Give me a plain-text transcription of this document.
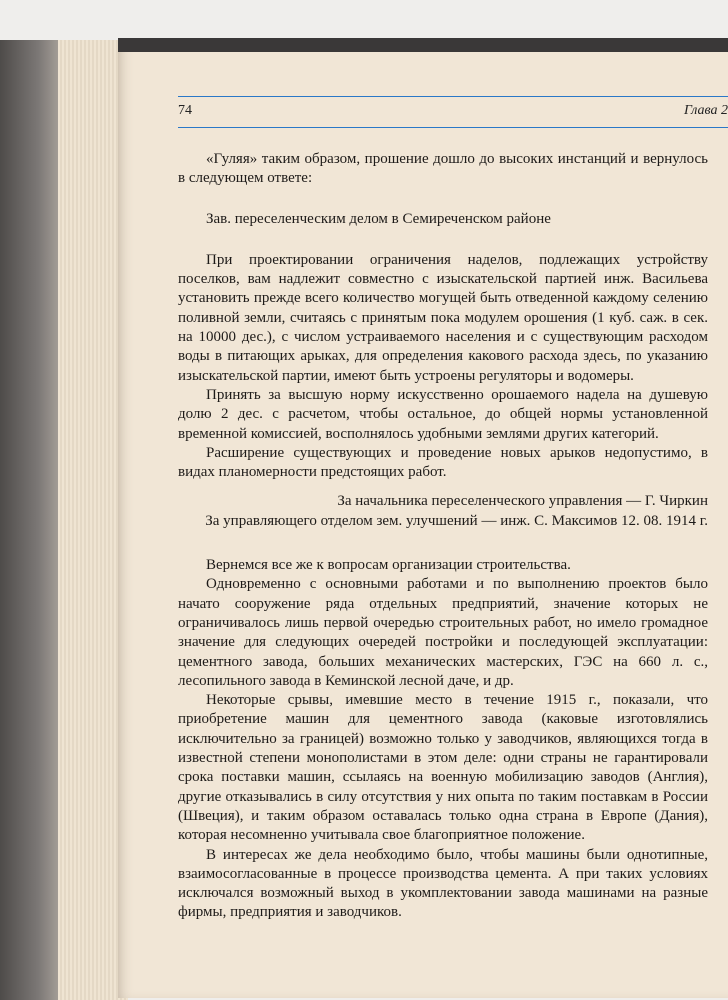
74	Глава 2

«Гуляя» таким образом, прошение дошло до высоких инстанций и вернулось в следующем ответе:

Зав. переселенческим делом в Семиреченском районе

При проектировании ограничения наделов, подлежащих устройству поселков, вам надлежит совместно с изыскательской партией инж. Васильева установить прежде всего количество могущей быть отведенной каждому селению поливной земли, считаясь с принятым пока модулем орошения (1 куб. саж. в сек. на 10000 дес.), с числом устраиваемого населения и с существующим расходом воды в питающих арыках, для определения какового расхода здесь, по указанию изыскательской партии, имеют быть устроены регуляторы и водомеры.

Принять за высшую норму искусственно орошаемого надела на душевую долю 2 дес. с расчетом, чтобы остальное, до общей нормы установленной временной комиссией, восполнялось удобными землями других категорий.

Расширение существующих и проведение новых арыков недопустимо, в видах планомерности предстоящих работ.

За начальника переселенческого управления — Г. Чиркин

За управляющего отделом зем. улучшений — инж. С. Максимов 12. 08. 1914 г.

Вернемся все же к вопросам организации строительства.

Одновременно с основными работами и по выполнению проектов было начато сооружение ряда отдельных предприятий, значение которых не ограничивалось лишь первой очередью строительных работ, но имело громадное значение для следующих очередей постройки и последующей эксплуатации: цементного завода, больших механических мастерских, ГЭС на 660 л. с., лесопильного завода в Кеминской лесной даче, и др.

Некоторые срывы, имевшие место в течение 1915 г., показали, что приобретение машин для цементного завода (каковые изготовлялись исключительно за границей) возможно только у заводчиков, являющихся тогда в известной степени монополистами в этом деле: одни страны не гарантировали срока поставки машин, ссылаясь на военную мобилизацию заводов (Англия), другие отказывались в силу отсутствия у них опыта по таким поставкам в России (Швеция), и таким образом оставалась только одна страна в Европе (Дания), которая несомненно учитывала свое благоприятное положение.

В интересах же дела необходимо было, чтобы машины были однотипные, взаимосогласованные в процессе производства цемента. А при таких условиях исключался возможный выход в укомплектовании завода машинами на разные фирмы, предприятия и заводчиков.
